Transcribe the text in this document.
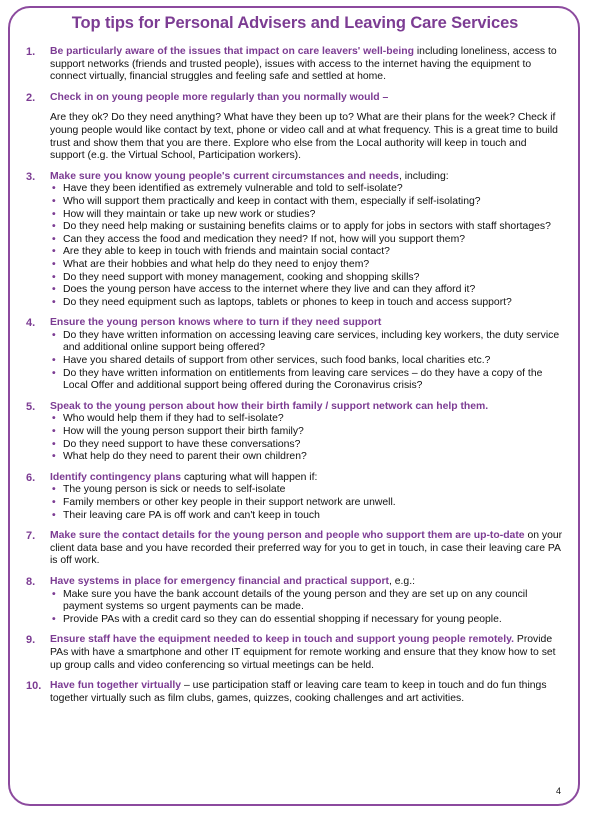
Top tips for Personal Advisers and Leaving Care Services
1. Be particularly aware of the issues that impact on care leavers' well-being including loneliness, access to support networks (friends and trusted people), issues with access to the internet having the equipment to connect virtually, financial struggles and feeling safe and settled at home.
2. Check in on young people more regularly than you normally would –
Are they ok? Do they need anything? What have they been up to? What are their plans for the week? Check if young people would like contact by text, phone or video call and at what frequency. This is a great time to build trust and show them that you are there. Explore who else from the Local authority will keep in touch and support (e.g. the Virtual School, Participation workers).
3. Make sure you know young people's current circumstances and needs, including:
• Have they been identified as extremely vulnerable and told to self-isolate?
• Who will support them practically and keep in contact with them, especially if self-isolating?
• How will they maintain or take up new work or studies?
• Do they need help making or sustaining benefits claims or to apply for jobs in sectors with staff shortages?
• Can they access the food and medication they need? If not, how will you support them?
• Are they able to keep in touch with friends and maintain social contact?
• What are their hobbies and what help do they need to enjoy them?
• Do they need support with money management, cooking and shopping skills?
• Does the young person have access to the internet where they live and can they afford it?
• Do they need equipment such as laptops, tablets or phones to keep in touch and access support?
4. Ensure the young person knows where to turn if they need support
• Do they have written information on accessing leaving care services, including key workers, the duty service and additional online support being offered?
• Have you shared details of support from other services, such food banks, local charities etc.?
• Do they have written information on entitlements from leaving care services – do they have a copy of the Local Offer and additional support being offered during the Coronavirus crisis?
5. Speak to the young person about how their birth family / support network can help them.
• Who would help them if they had to self-isolate?
• How will the young person support their birth family?
• Do they need support to have these conversations?
• What help do they need to parent their own children?
6. Identify contingency plans capturing what will happen if:
• The young person is sick or needs to self-isolate
• Family members or other key people in their support network are unwell.
• Their leaving care PA is off work and can't keep in touch
7. Make sure the contact details for the young person and people who support them are up-to-date on your client data base and you have recorded their preferred way for you to get in touch, in case their leaving care PA is off work.
8. Have systems in place for emergency financial and practical support, e.g.:
• Make sure you have the bank account details of the young person and they are set up on any council payment systems so urgent payments can be made.
• Provide PAs with a credit card so they can do essential shopping if necessary for young people.
9. Ensure staff have the equipment needed to keep in touch and support young people remotely. Provide PAs with have a smartphone and other IT equipment for remote working and ensure that they know how to set up group calls and video conferencing so virtual meetings can be held.
10. Have fun together virtually – use participation staff or leaving care team to keep in touch and do fun things together virtually such as film clubs, games, quizzes, cooking challenges and art activities.
4
